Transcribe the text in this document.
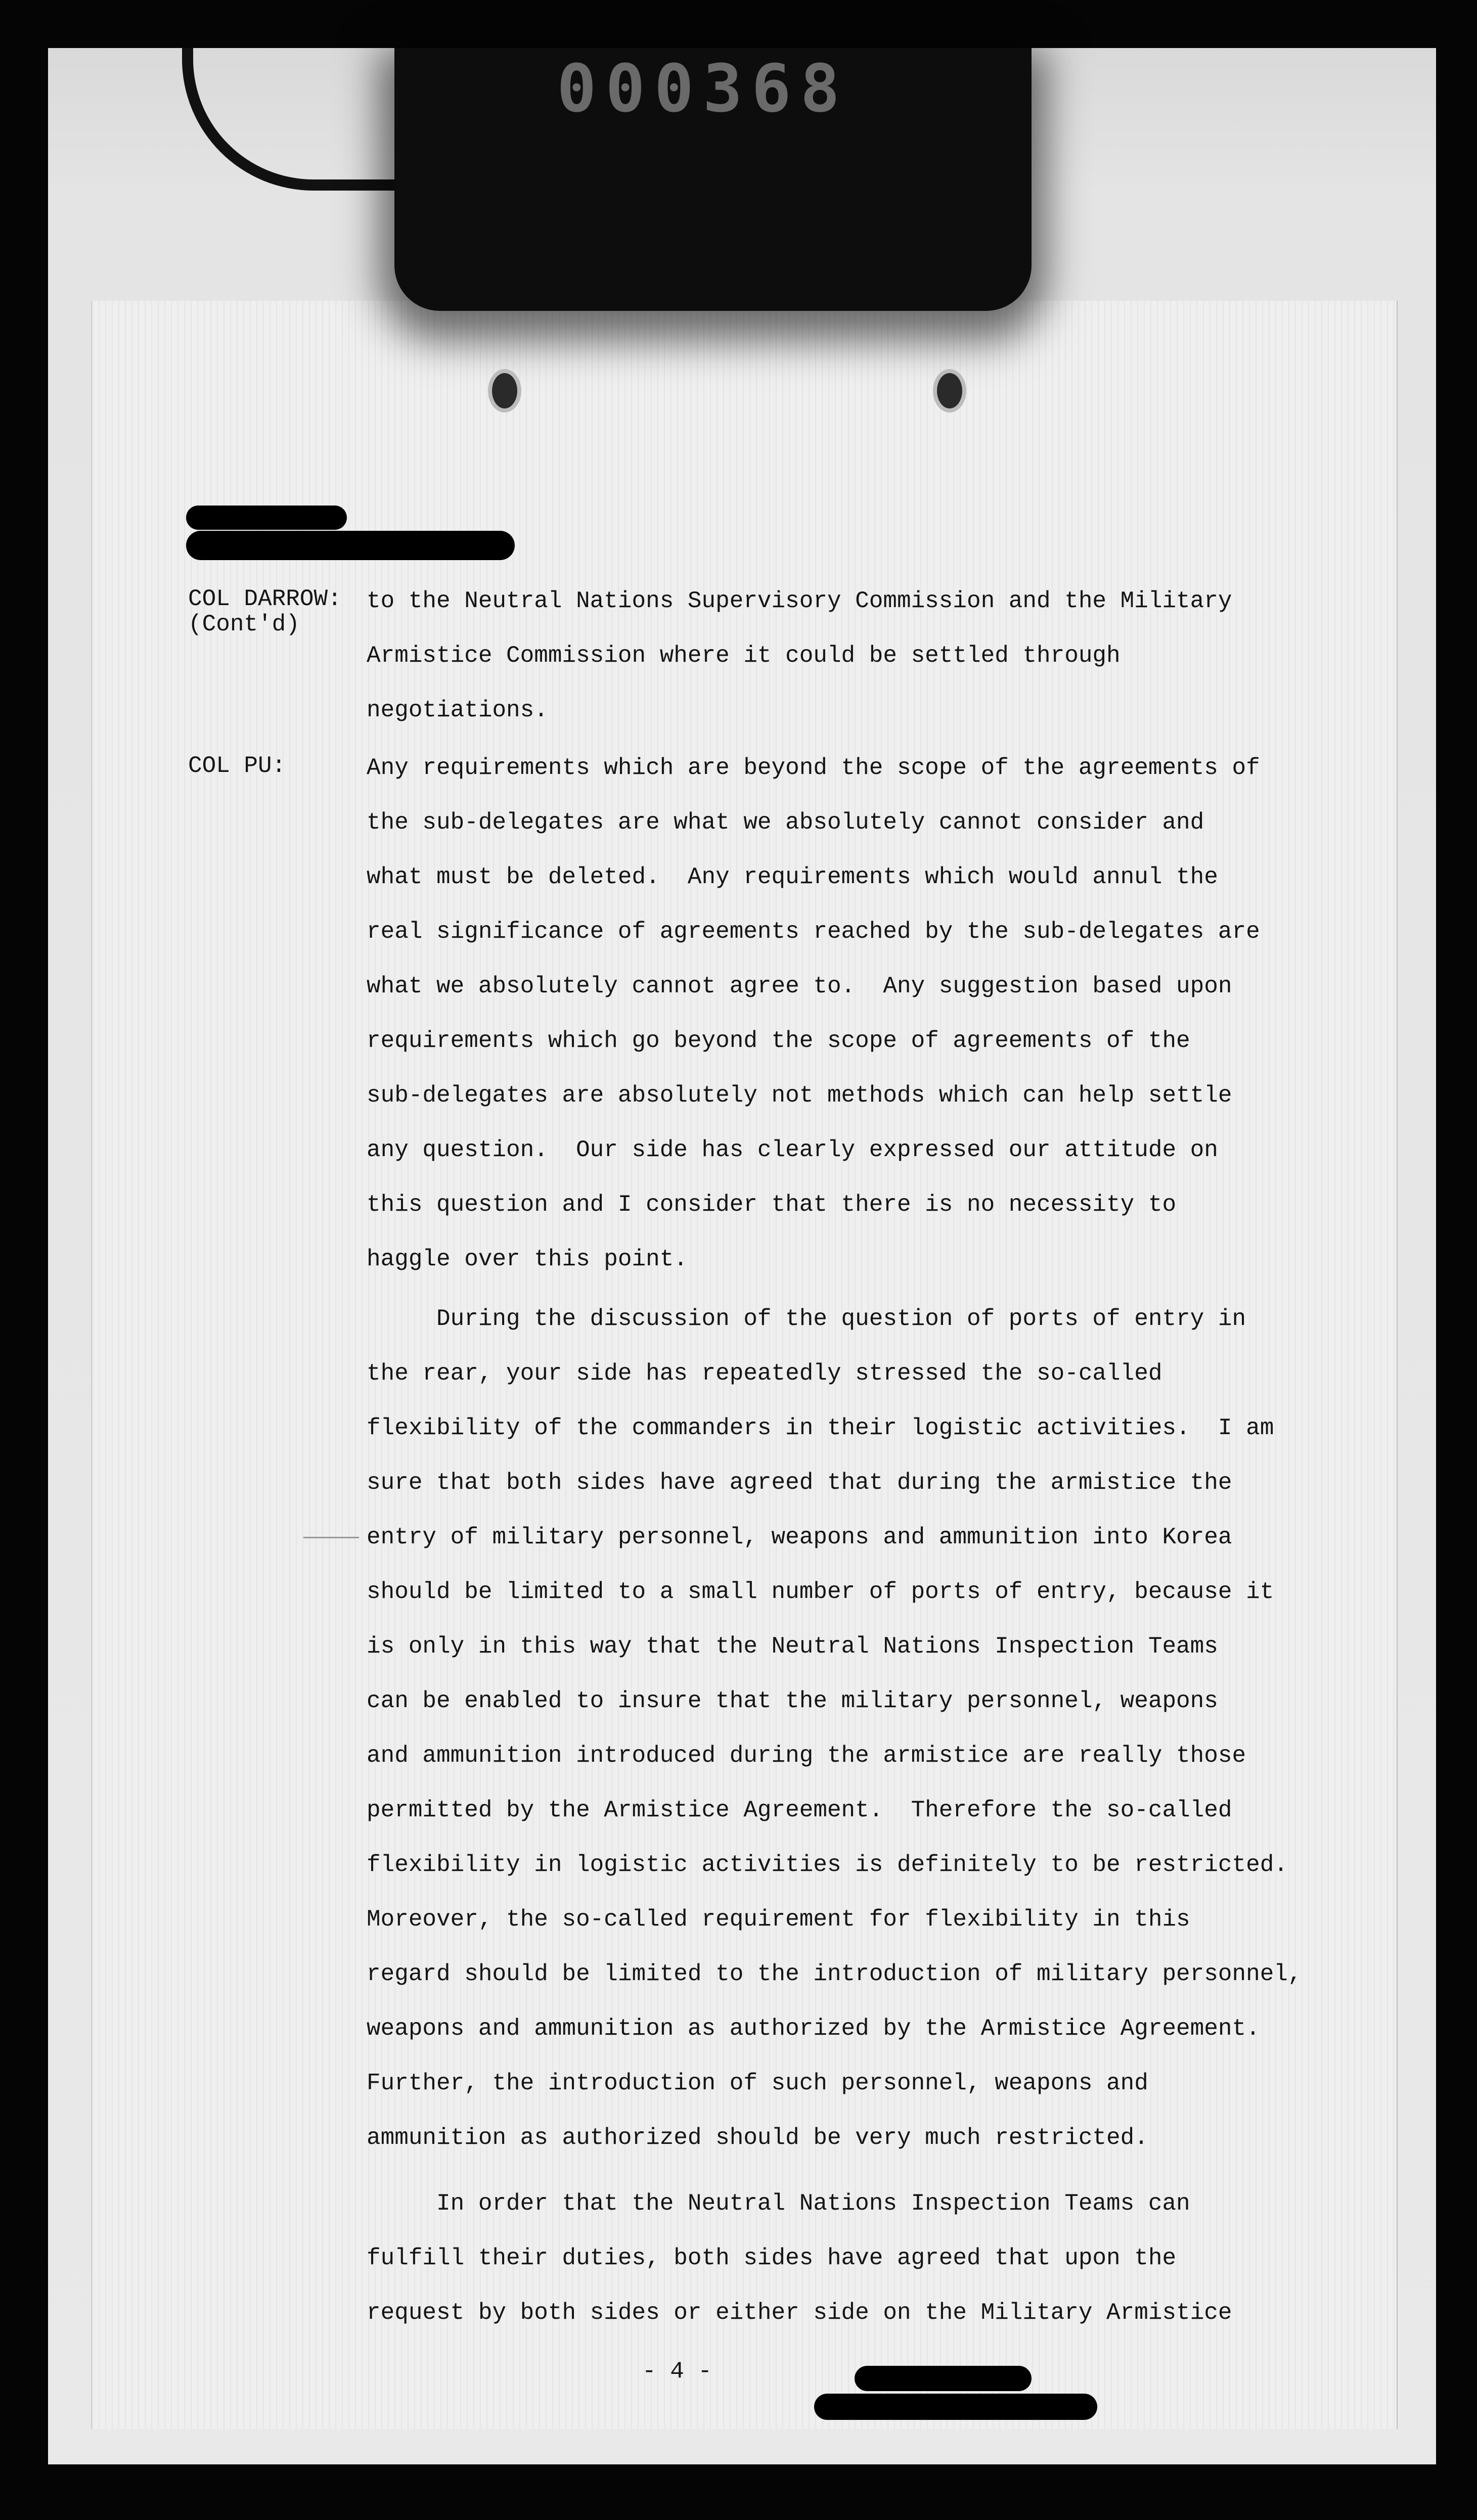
000368
COL DARROW:
(Cont'd)
COL PU:
to the Neutral Nations Supervisory Commission and the Military
Armistice Commission where it could be settled through
negotiations.
Any requirements which are beyond the scope of the agreements of
the sub-delegates are what we absolutely cannot consider and
what must be deleted.  Any requirements which would annul the
real significance of agreements reached by the sub-delegates are
what we absolutely cannot agree to.  Any suggestion based upon
requirements which go beyond the scope of agreements of the
sub-delegates are absolutely not methods which can help settle
any question.  Our side has clearly expressed our attitude on
this question and I consider that there is no necessity to
haggle over this point.
During the discussion of the question of ports of entry in
the rear, your side has repeatedly stressed the so-called
flexibility of the commanders in their logistic activities.  I am
sure that both sides have agreed that during the armistice the
entry of military personnel, weapons and ammunition into Korea
should be limited to a small number of ports of entry, because it
is only in this way that the Neutral Nations Inspection Teams
can be enabled to insure that the military personnel, weapons
and ammunition introduced during the armistice are really those
permitted by the Armistice Agreement.  Therefore the so-called
flexibility in logistic activities is definitely to be restricted.
Moreover, the so-called requirement for flexibility in this
regard should be limited to the introduction of military personnel,
weapons and ammunition as authorized by the Armistice Agreement.
Further, the introduction of such personnel, weapons and
ammunition as authorized should be very much restricted.
In order that the Neutral Nations Inspection Teams can
fulfill their duties, both sides have agreed that upon the
request by both sides or either side on the Military Armistice
- 4 -
